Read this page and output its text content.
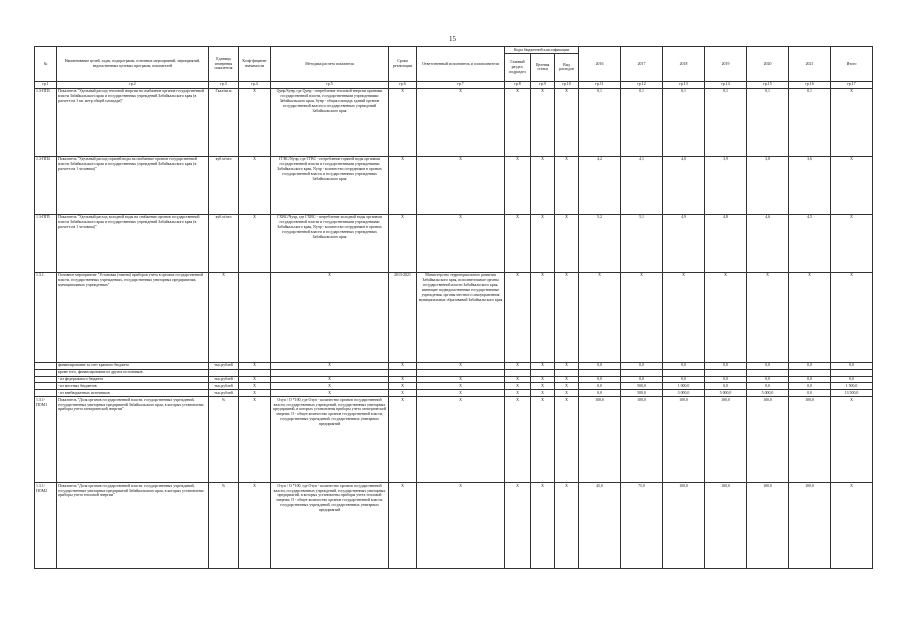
15
№	Наименование целей, задач, подпрограмм, основных мероприятий, мероприятий, ведомственных целевых программ, показателей	Единица измерения показателя	Коэф-фициент значимости	Методика расчета показателя	Сроки реализации	Ответственный исполнитель и соисполнители	Коды бюджетной классификации			2016	2017	2018	2019	2020	2021	Итого
							Главный раздел, подраздел	Целевая статья	Вид расходов							
гр.1	гр.2	гр.3	гр.4	гр.5	гр.6	гр.7	гр.8	гр.9	гр.10	гр.11	гр.12	гр.13	гр.14	гр.15	гр.16	гр.17
1.3-ПП3	Показатель "Удельный расход тепловой энергии на снабжение органов государственной власти Забайкальского края и государственных учреждений Забайкальского края (в расчете на 1 кв. метр общей площади)"	Гкал/кв.м	X	Qунр/Sунр, где Qунр - потребление тепловой энергии органами государственной власти, государственными учреждениями Забайкальского края, Sунр - общая площадь зданий органов государственной власти и государственных учреждений Забайкальского края	X	X	X	X	X	0,1	0,1	0,1	0,1	0,1	0,1	X
1.3-ПП4	Показатель "Удельный расход горячей воды на снабжение органов государственной власти Забайкальского края и государственных учреждений Забайкальского края (в расчете на 1 человека)"	куб.м/чел	X	ГГВС/Nучр, где ГГВС - потребление горячей воды органами государственной власти и государственными учреждениями Забайкальского края, Nучр - количество сотрудников в органах государственной власти и государственных учреждениях Забайкальского края	X	X	X	X	X	4,2	4,1	4,0	3,9	3,8	3,6	X
1.3-ПП5	Показатель "Удельный расход холодной воды на снабжение органов государственной власти Забайкальского края и государственных учреждений Забайкальского края (в расчете на 1 человека)"	куб.м/чел	X	ГХВС/Nучр, где ГХВС - потребление холодной воды органами государственной власти и государственными учреждениями Забайкальского края, Nучр - количество сотрудников в органах государственной власти и государственных учреждениях Забайкальского края	X	X	X	X	X	5,2	5,1	4,9	4,8	4,6	4,5	X
1.3.1.	Основное мероприятие "Установка (замена) приборов учета в органах государственной власти, государственных учреждениях, государственных унитарных предприятиях, муниципальных учреждениях"	X		X	2013-2021	Министерство территориального развития Забайкальского края, исполнительные органы государственной власти Забайкальского края, имеющие подведомственные государственные учреждения, органы местного самоуправления муниципальных образований Забайкальского края	X	X	X	X	X	X	X	X	X	X
	финансирование за счет краевого бюджета	тыс.рублей	X	X	X	X	X	X	X	0,0	0,0	0,0	0,0	0,0	0,0	0,0
	кроме того, финансирование из других источников:															
	- из федерального бюджета	тыс.рублей	X	X	X	X	X	X	X	0,0	0,0	0,0	0,0	0,0	0,0	0,0
	- из местных бюджетов	тыс.рублей	X	X	X	X	X	X	X	0,0	500,0	1 000,0	0,0	0,0	0,0	1 500,0
	- из внебюджетных источников	тыс.рублей	X	X	X	X	X	X	X	0,0	500,0	3 000,0	5 000,0	5 000,0	0,0	13 500,0
1.3.1-ПОМ1	Показатель "Доля органов государственной власти, государственных учреждений, государственных унитарных предприятий Забайкальского края, в которых установлены приборы учета электрической энергии"	%	X	Оэуп / О *100, где Оэуп - количество органов государственной власти, государственных учреждений, государственных унитарных предприятий, в которых установлены приборы учета электрической энергии, О - общее количество органов государственной власти, государственных учреждений, государственных унитарных предприятий	X	X	X	X	X	100,0	100,0	100,0	100,0	100,0	100,0	X
1.3.1-ПОМ2	Показатель "Доля органов государственной власти, государственных учреждений, государственных унитарных предприятий Забайкальского края, в которых установлены приборы учета тепловой энергии"	%	X	Отуп / О *100, где Отуп - количество органов государственной власти, государственных учреждений, государственных унитарных предприятий, в которых установлены приборы учета тепловой энергии, О - общее количество органов государственной власти, государственных учреждений, государственных унитарных предприятий	X	X	X	X	X	45,0	75,0	100,0	100,0	100,0	100,0	X
